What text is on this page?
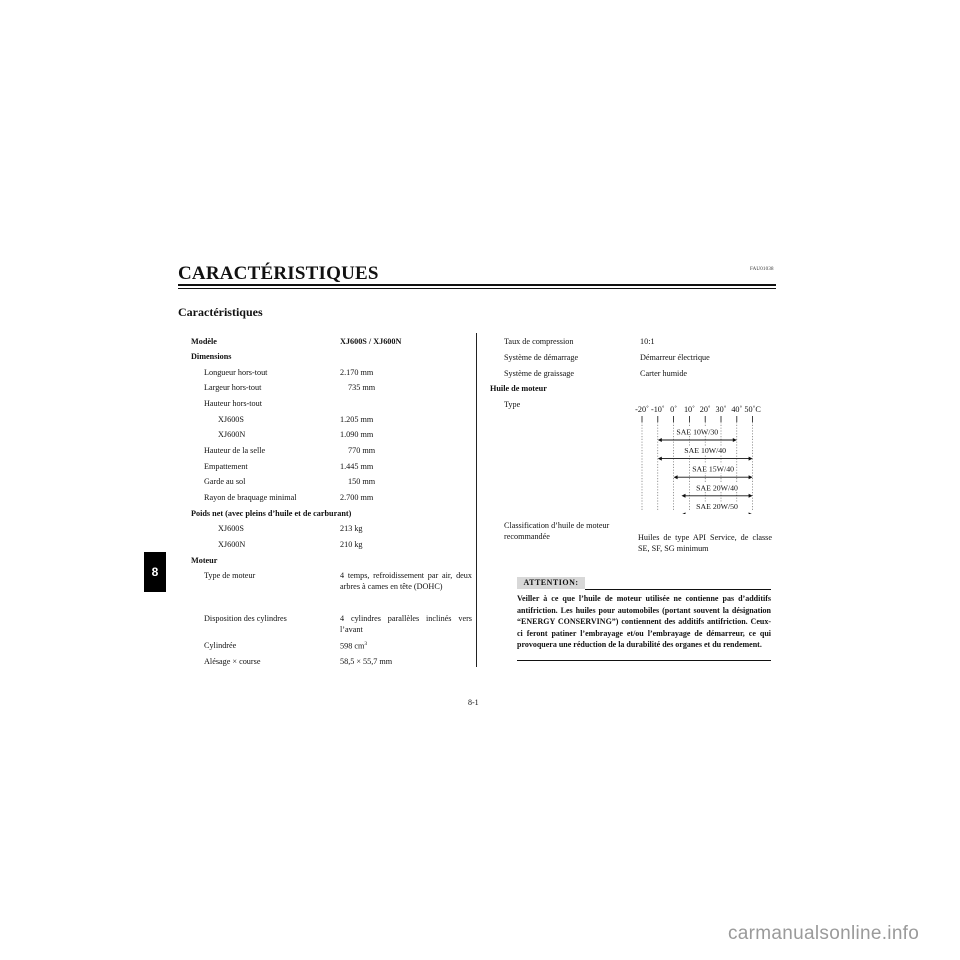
FAU01038
CARACTÉRISTIQUES
Caractéristiques
8
Modèle	XJ600S / XJ600N
Dimensions
Longueur hors-tout	2.170 mm
Largeur hors-tout	735 mm
Hauteur hors-tout
XJ600S	1.205 mm
XJ600N	1.090 mm
Hauteur de la selle	770 mm
Empattement	1.445 mm
Garde au sol	150 mm
Rayon de braquage minimal	2.700 mm
Poids net (avec pleins d’huile et de carburant)
XJ600S	213 kg
XJ600N	210 kg
Moteur
Type de moteur	4 temps, refroidissement par air, deux arbres à cames en tête (DOHC)
Disposition des cylindres	4 cylindres parallèles inclinés vers l’avant
Cylindrée	598 $cm^3$
Alésage × course	58,5 × 55,7 mm
Taux de compression	10:1
Système de démarrage	Démarreur électrique
Système de graissage	Carter humide
Huile de moteur
Type
Classification d’huile de moteur
recommandée	Huiles de type API Service, de classe SE, SF, SG minimum
-20˚ -10˚ 0˚ 10˚ 20˚ 30˚ 40˚ 50˚C
SAE 10W/30
SAE 10W/40
SAE 15W/40
SAE 20W/40
SAE 20W/50
ATTENTION:
Veiller à ce que l’huile de moteur utilisée ne contienne pas d’additifs antifriction. Les huiles pour automobiles (portant souvent la désignation “ENERGY CONSERVING”) contiennent des additifs antifriction. Ceux-ci feront patiner l’embrayage et/ou l’embrayage de démarreur, ce qui provoquera une réduction de la durabilité des organes et du rendement.
8-1
carmanualsonline.info
